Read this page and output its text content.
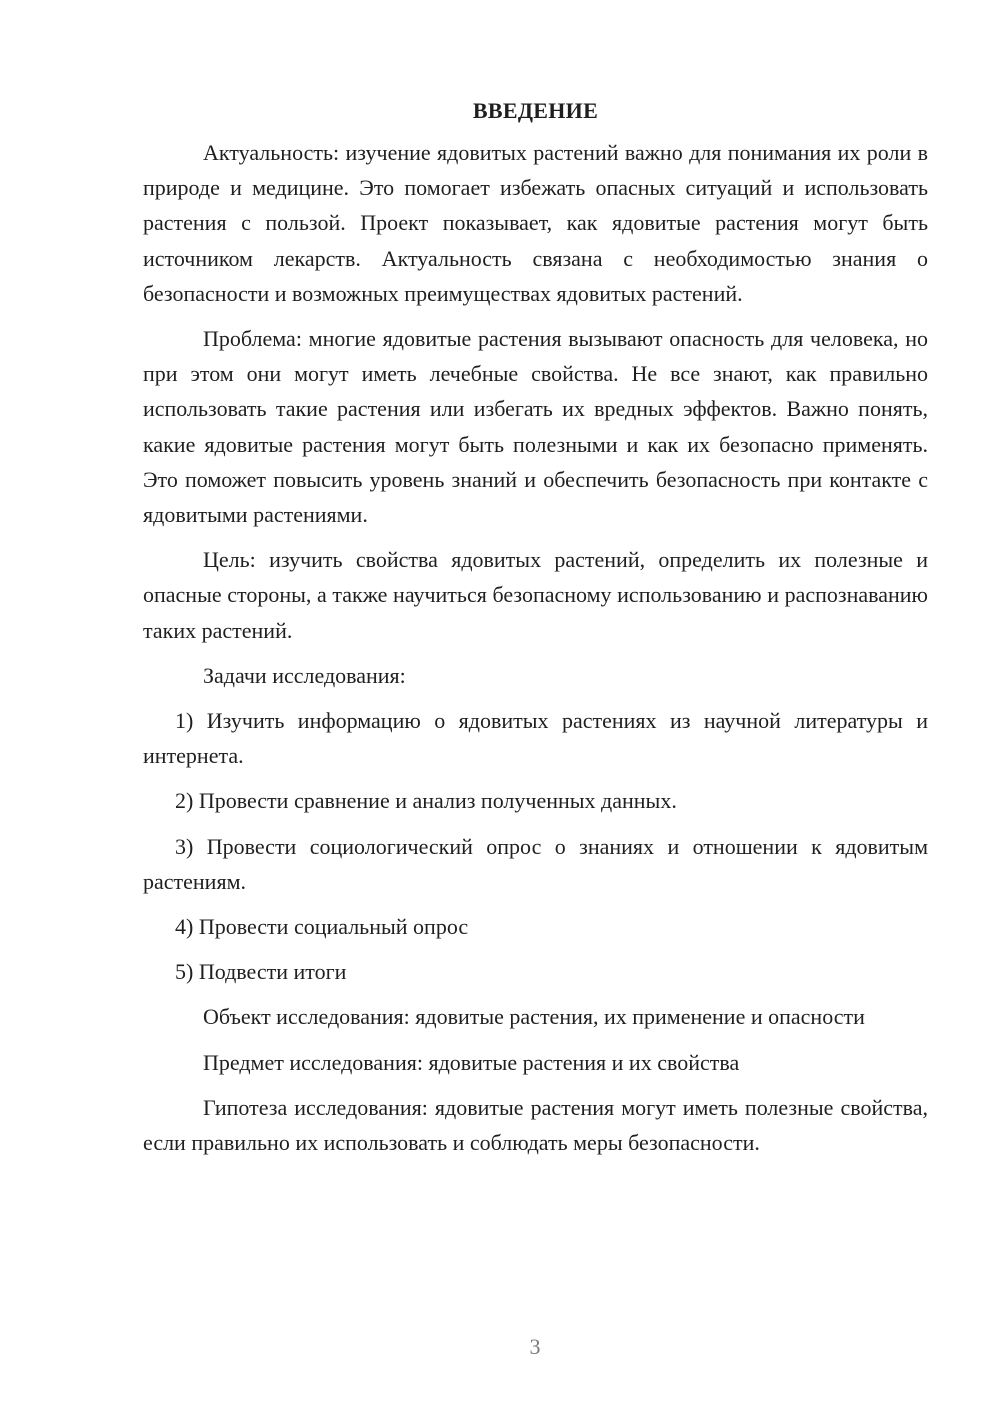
ВВЕДЕНИЕ

Актуальность: изучение ядовитых растений важно для понимания их роли в природе и медицине. Это помогает избежать опасных ситуаций и использовать растения с пользой. Проект показывает, как ядовитые растения могут быть источником лекарств. Актуальность связана с необходимостью знания о безопасности и возможных преимуществах ядовитых растений.

Проблема: многие ядовитые растения вызывают опасность для человека, но при этом они могут иметь лечебные свойства. Не все знают, как правильно использовать такие растения или избегать их вредных эффектов. Важно понять, какие ядовитые растения могут быть полезными и как их безопасно применять. Это поможет повысить уровень знаний и обеспечить безопасность при контакте с ядовитыми растениями.

Цель: изучить свойства ядовитых растений, определить их полезные и опасные стороны, а также научиться безопасному использованию и распознаванию таких растений.

Задачи исследования:

1) Изучить информацию о ядовитых растениях из научной литературы и интернета.

2) Провести сравнение и анализ полученных данных.

3) Провести социологический опрос о знаниях и отношении к ядовитым растениям.

4) Провести социальный опрос

5) Подвести итоги

Объект исследования: ядовитые растения, их применение и опасности

Предмет исследования: ядовитые растения и их свойства

Гипотеза исследования: ядовитые растения могут иметь полезные свойства, если правильно их использовать и соблюдать меры безопасности.

3
